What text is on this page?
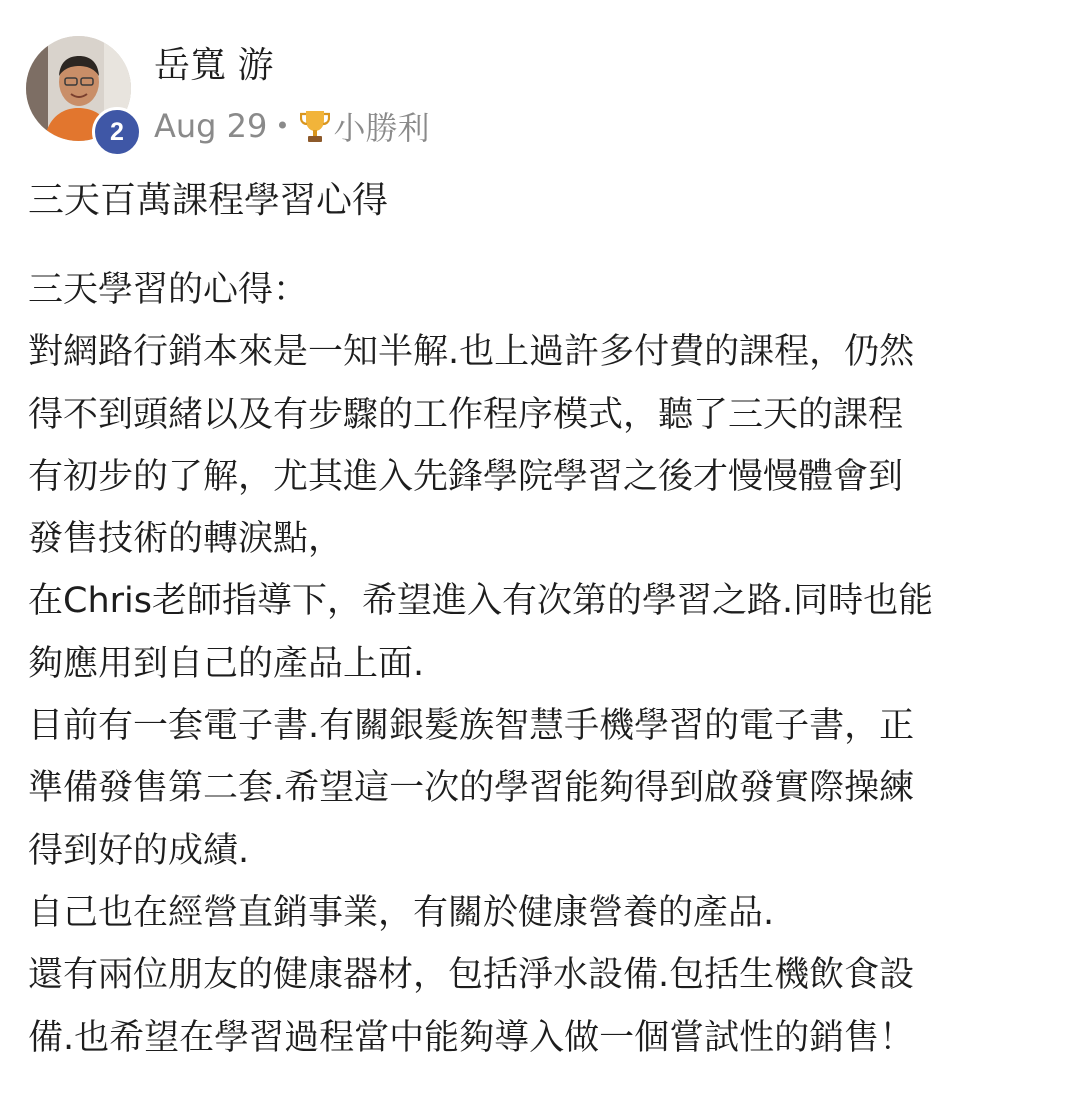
2
岳寬 游
Aug 29 • 小勝利
三天百萬課程學習心得
三天學習的心得：
對網路行銷本來是一知半解.也上過許多付費的課程，仍然
得不到頭緒以及有步驟的工作程序模式，聽了三天的課程
有初步的了解，尤其進入先鋒學院學習之後才慢慢體會到
發售技術的轉淚點，
在Chris老師指導下，希望進入有次第的學習之路.同時也能
夠應用到自己的產品上面.
目前有一套電子書.有關銀髮族智慧手機學習的電子書，正
準備發售第二套.希望這一次的學習能夠得到啟發實際操練
得到好的成績.
自己也在經營直銷事業，有關於健康營養的產品.
還有兩位朋友的健康器材，包括淨水設備.包括生機飲食設
備.也希望在學習過程當中能夠導入做一個嘗試性的銷售！
